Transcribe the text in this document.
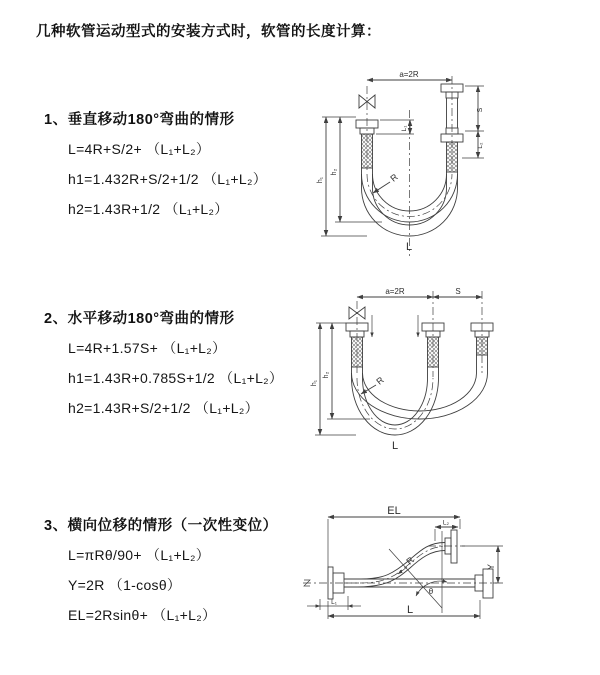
几种软管运动型式的安装方式时，软管的长度计算：
1、垂直移动180°弯曲的情形
L=4R+S/2+ （L₁+L₂）
h1=1.432R+S/2+1/2 （L₁+L₂）
h2=1.43R+1/2 （L₁+L₂）
2、水平移动180°弯曲的情形
L=4R+1.57S+ （L₁+L₂）
h1=1.43R+0.785S+1/2 （L₁+L₂）
h2=1.43R+S/2+1/2 （L₁+L₂）
3、横向位移的情形（一次性变位）
L=πRθ/90+ （L₁+L₂）
Y=2R （1-cosθ）
EL=2Rsinθ+ （L₁+L₂）
a=2R
h₁
h₂
L₁
S
L₂
R
L
a=2R	S
h₁
h₂	R
L
EL
L₂
Y
θ
R
L₁
L
